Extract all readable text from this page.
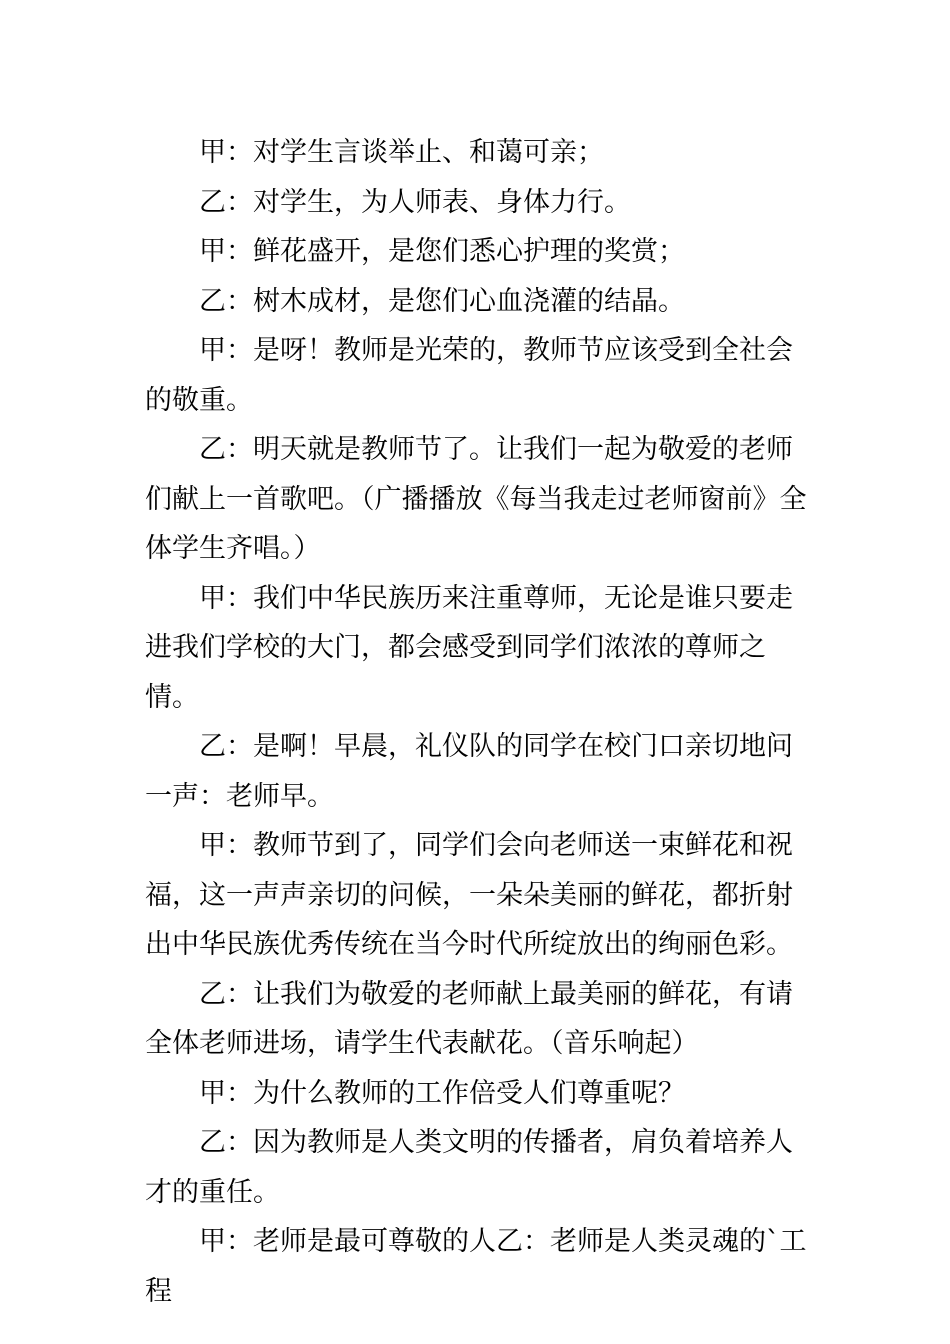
甲：对学生言谈举止、和蔼可亲；

乙：对学生，为人师表、身体力行。

甲：鲜花盛开，是您们悉心护理的奖赏；

乙：树木成材，是您们心血浇灌的结晶。

甲：是呀！教师是光荣的，教师节应该受到全社会的敬重。

乙：明天就是教师节了。让我们一起为敬爱的老师们献上一首歌吧。（广播播放《每当我走过老师窗前》全体学生齐唱。）

甲：我们中华民族历来注重尊师，无论是谁只要走进我们学校的大门，都会感受到同学们浓浓的尊师之情。

乙：是啊！早晨，礼仪队的同学在校门口亲切地问一声：老师早。

甲：教师节到了，同学们会向老师送一束鲜花和祝福，这一声声亲切的问候，一朵朵美丽的鲜花，都折射出中华民族优秀传统在当今时代所绽放出的绚丽色彩。

乙：让我们为敬爱的老师献上最美丽的鲜花，有请全体老师进场，请学生代表献花。（音乐响起）

甲：为什么教师的工作倍受人们尊重呢？

乙：因为教师是人类文明的传播者，肩负着培养人才的重任。

甲：老师是最可尊敬的人乙：老师是人类灵魂的`工程
